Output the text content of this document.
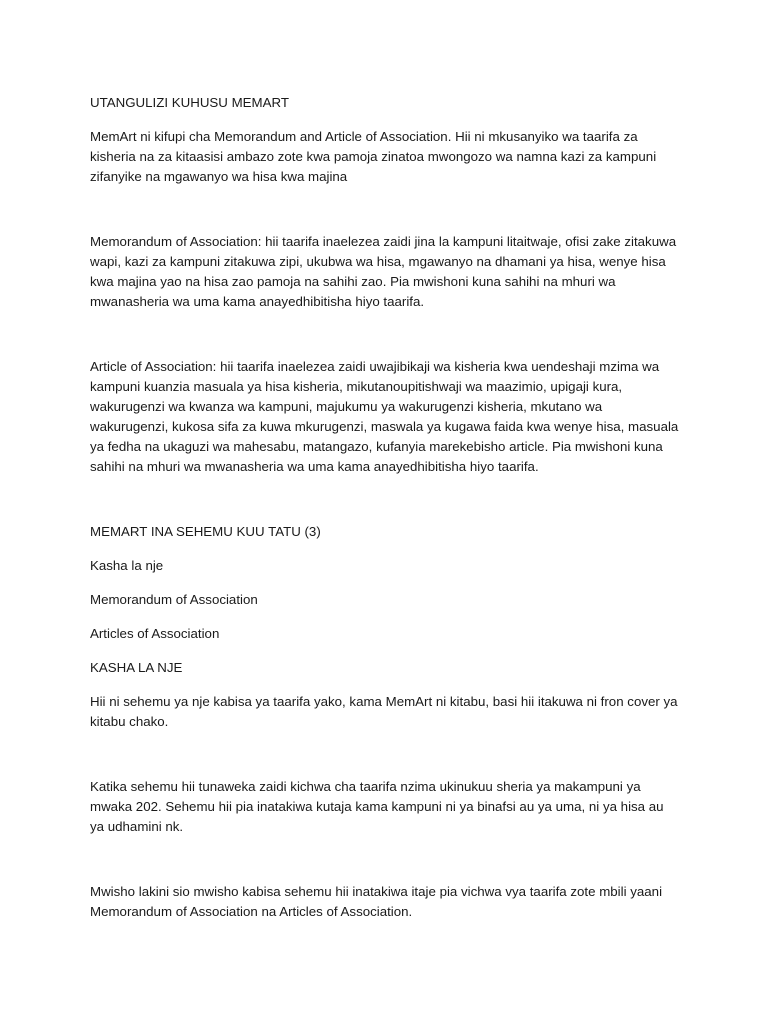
UTANGULIZI KUHUSU MEMART

MemArt ni kifupi cha Memorandum and Article of Association. Hii ni mkusanyiko wa taarifa za kisheria na za kitaasisi ambazo zote kwa pamoja zinatoa mwongozo wa namna kazi za kampuni zifanyike na mgawanyo wa hisa kwa majina

Memorandum of Association: hii taarifa inaelezea zaidi jina la kampuni litaitwaje, ofisi zake zitakuwa wapi, kazi za kampuni zitakuwa zipi, ukubwa wa hisa, mgawanyo na dhamani ya hisa, wenye hisa kwa majina yao na hisa zao pamoja na sahihi zao. Pia mwishoni kuna sahihi na mhuri wa mwanasheria wa uma kama anayedhibitisha hiyo taarifa.

Article of Association: hii taarifa inaelezea zaidi uwajibikaji wa kisheria kwa uendeshaji mzima wa kampuni kuanzia masuala ya hisa kisheria, mikutanoupitishwaji wa maazimio, upigaji kura, wakurugenzi wa kwanza wa kampuni, majukumu ya wakurugenzi kisheria, mkutano wa wakurugenzi, kukosa sifa za kuwa mkurugenzi, maswala ya kugawa faida kwa wenye hisa, masuala ya fedha na ukaguzi wa mahesabu, matangazo, kufanyia marekebisho article. Pia mwishoni kuna sahihi na mhuri wa mwanasheria wa uma kama anayedhibitisha hiyo taarifa.

MEMART INA SEHEMU KUU TATU (3)

Kasha la nje

Memorandum of Association

Articles of Association

KASHA LA NJE

Hii ni sehemu ya nje kabisa ya taarifa yako, kama MemArt ni kitabu, basi hii itakuwa ni fron cover ya kitabu chako.

Katika sehemu hii tunaweka zaidi kichwa cha taarifa nzima ukinukuu sheria ya makampuni ya mwaka 202. Sehemu hii pia inatakiwa kutaja kama kampuni ni ya binafsi au ya uma, ni ya hisa au ya udhamini nk.

Mwisho lakini sio mwisho kabisa sehemu hii inatakiwa itaje pia vichwa vya taarifa zote mbili yaani Memorandum of Association na Articles of Association.
